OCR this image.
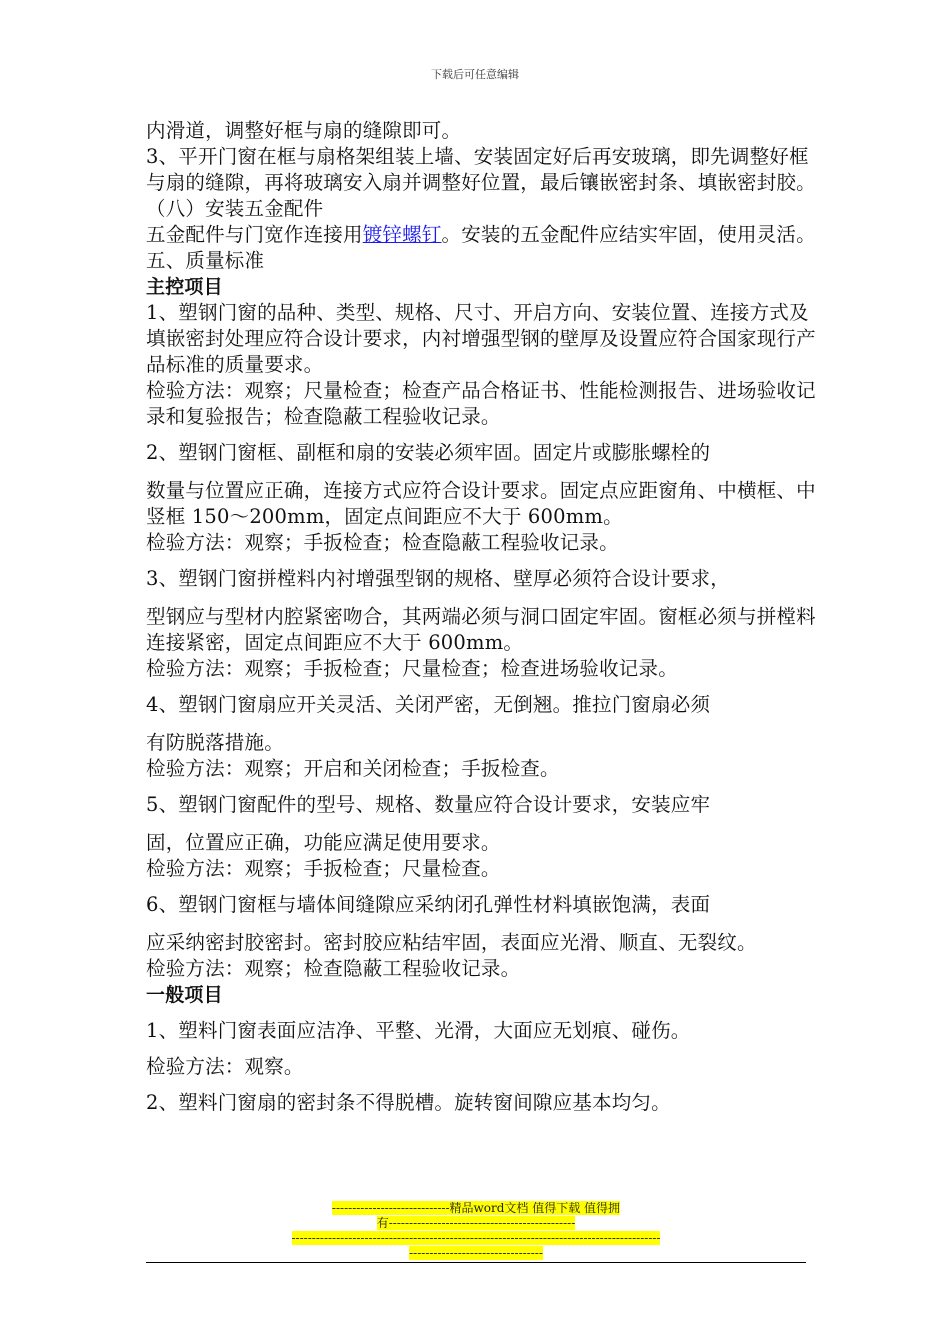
下载后可任意编辑

内滑道，调整好框与扇的缝隙即可。

3、平开门窗在框与扇格架组装上墙、安装固定好后再安玻璃，即先调整好框与扇的缝隙，再将玻璃安入扇并调整好位置，最后镶嵌密封条、填嵌密封胶。

（八）安装五金配件

五金配件与门宽作连接用镀锌螺钉。安装的五金配件应结实牢固，使用灵活。

五、质量标准

主控项目

1、塑钢门窗的品种、类型、规格、尺寸、开启方向、安装位置、连接方式及填嵌密封处理应符合设计要求，内衬增强型钢的壁厚及设置应符合国家现行产品标准的质量要求。

检验方法：观察；尺量检查；检查产品合格证书、性能检测报告、进场验收记录和复验报告；检查隐蔽工程验收记录。

2、塑钢门窗框、副框和扇的安装必须牢固。固定片或膨胀螺栓的

数量与位置应正确，连接方式应符合设计要求。固定点应距窗角、中横框、中竖框 150～200mm，固定点间距应不大于 600mm。

检验方法：观察；手扳检查；检查隐蔽工程验收记录。

3、塑钢门窗拼樘料内衬增强型钢的规格、壁厚必须符合设计要求，

型钢应与型材内腔紧密吻合，其两端必须与洞口固定牢固。窗框必须与拼樘料连接紧密，固定点间距应不大于 600mm。

检验方法：观察；手扳检查；尺量检查；检查进场验收记录。

4、塑钢门窗扇应开关灵活、关闭严密，无倒翘。推拉门窗扇必须

有防脱落措施。

检验方法：观察；开启和关闭检查；手扳检查。

5、塑钢门窗配件的型号、规格、数量应符合设计要求，安装应牢

固，位置应正确，功能应满足使用要求。

检验方法：观察；手扳检查；尺量检查。

6、塑钢门窗框与墙体间缝隙应采纳闭孔弹性材料填嵌饱满，表面

应采纳密封胶密封。密封胶应粘结牢固，表面应光滑、顺直、无裂纹。

检验方法：观察；检查隐蔽工程验收记录。

一般项目

1、塑料门窗表面应洁净、平整、光滑，大面应无划痕、碰伤。

检验方法：观察。

2、塑料门窗扇的密封条不得脱槽。旋转窗间隙应基本均匀。

-----------------------------精品word文档 值得下载 值得拥
有----------------------------------------------
-------------------------------------------------------------------------------------------
---------------------------------
